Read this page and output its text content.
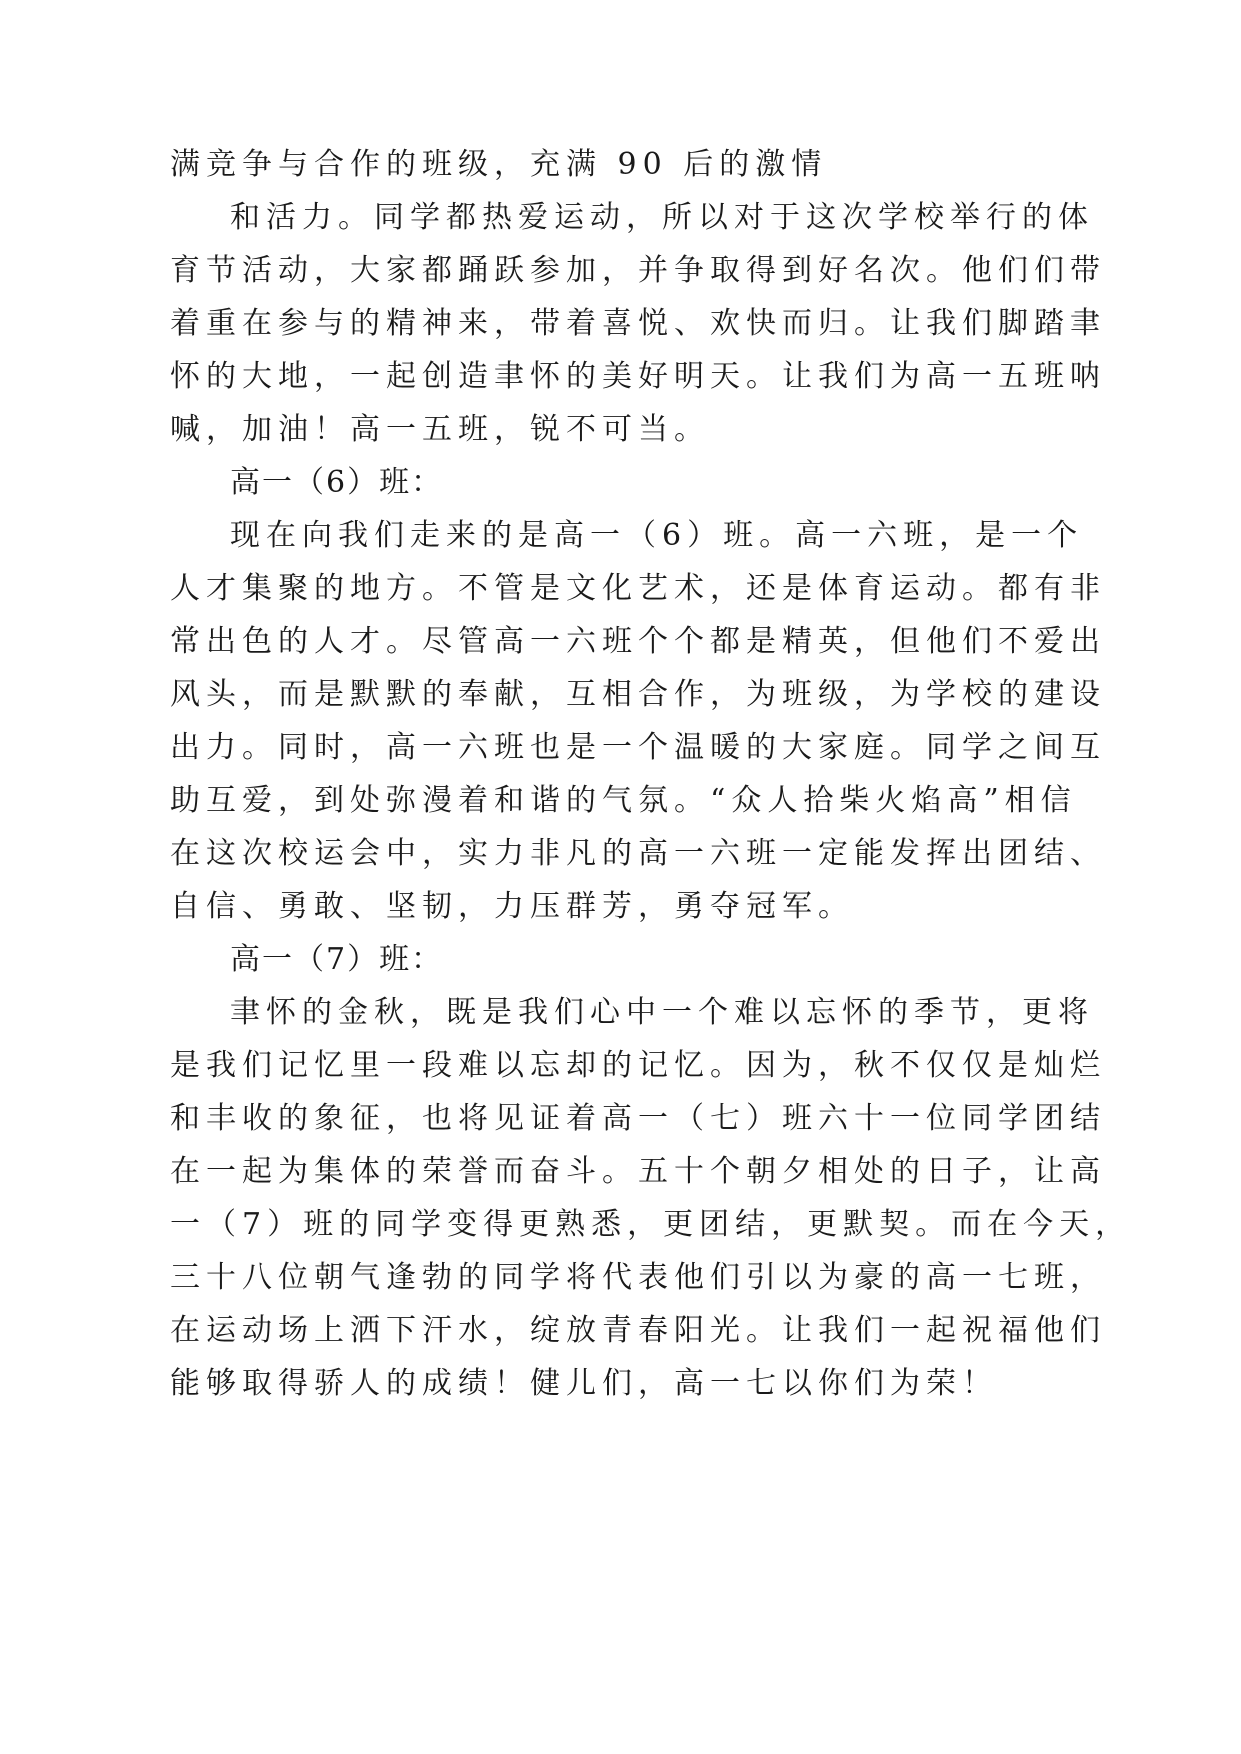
满竞争与合作的班级，充满 90 后的激情
和活力。同学都热爱运动，所以对于这次学校举行的体
育节活动，大家都踊跃参加，并争取得到好名次。他们们带
着重在参与的精神来，带着喜悦、欢快而归。让我们脚踏聿
怀的大地，一起创造聿怀的美好明天。让我们为高一五班呐
喊，加油！高一五班，锐不可当。
高一（6）班：
现在向我们走来的是高一（6）班。高一六班，是一个
人才集聚的地方。不管是文化艺术，还是体育运动。都有非
常出色的人才。尽管高一六班个个都是精英，但他们不爱出
风头，而是默默的奉献，互相合作，为班级，为学校的建设
出力。同时，高一六班也是一个温暖的大家庭。同学之间互
助互爱，到处弥漫着和谐的气氛。“众人拾柴火焰高”相信
在这次校运会中，实力非凡的高一六班一定能发挥出团结、
自信、勇敢、坚韧，力压群芳，勇夺冠军。
高一（7）班：
聿怀的金秋，既是我们心中一个难以忘怀的季节，更将
是我们记忆里一段难以忘却的记忆。因为，秋不仅仅是灿烂
和丰收的象征，也将见证着高一（七）班六十一位同学团结
在一起为集体的荣誉而奋斗。五十个朝夕相处的日子，让高
一（7）班的同学变得更熟悉，更团结，更默契。而在今天，
三十八位朝气逢勃的同学将代表他们引以为豪的高一七班，
在运动场上洒下汗水，绽放青春阳光。让我们一起祝福他们
能够取得骄人的成绩！健儿们，高一七以你们为荣！
